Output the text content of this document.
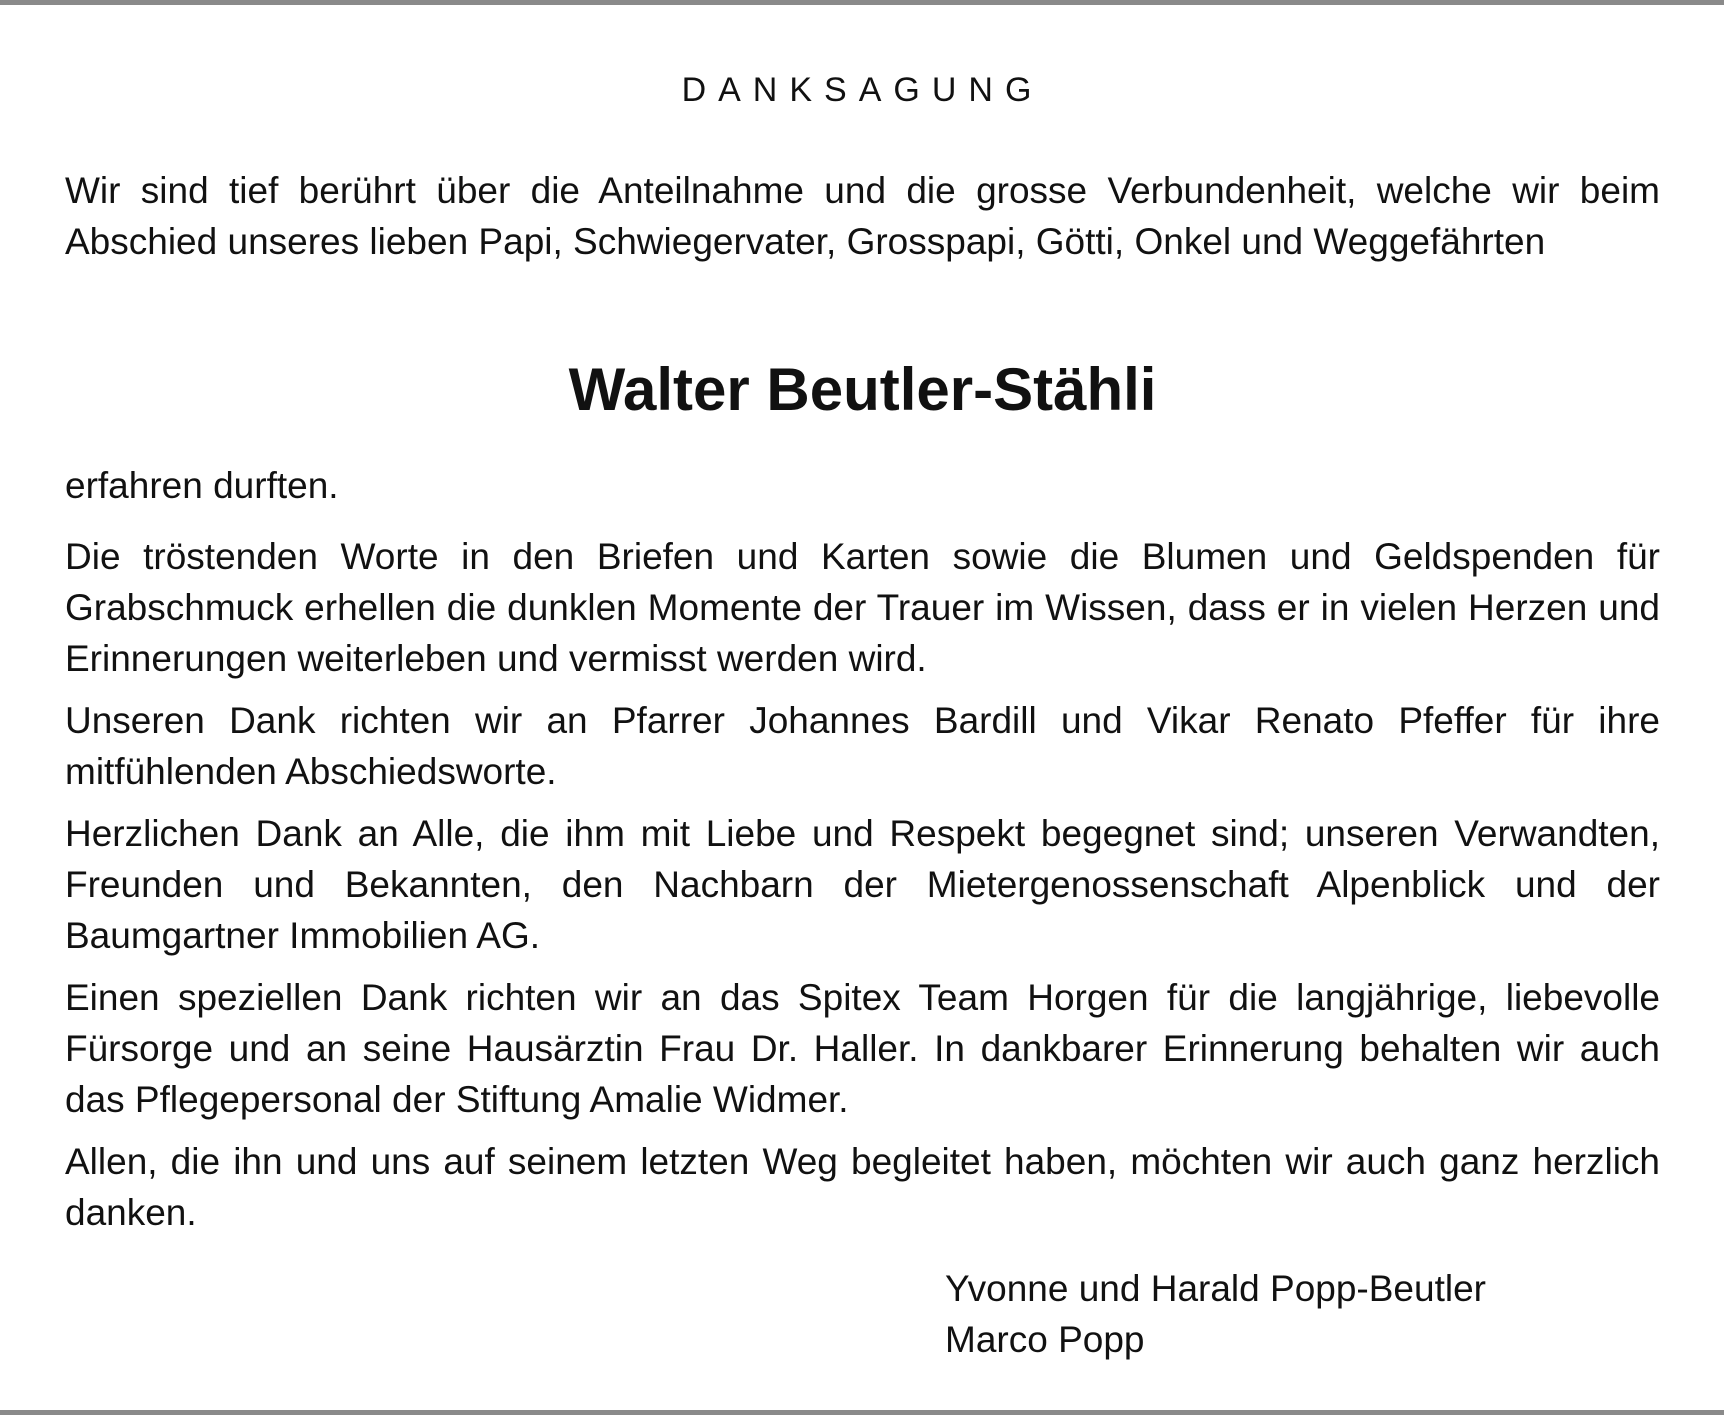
DANKSAGUNG

Wir sind tief berührt über die Anteilnahme und die grosse Verbundenheit, welche wir beim Abschied unseres lieben Papi, Schwiegervater, Grosspapi, Götti, Onkel und Weggefährten

Walter Beutler-Stähli

erfahren durften.

Die tröstenden Worte in den Briefen und Karten sowie die Blumen und Geldspenden für Grabschmuck erhellen die dunklen Momente der Trauer im Wissen, dass er in vielen Herzen und Erinnerungen weiterleben und vermisst werden wird.

Unseren Dank richten wir an Pfarrer Johannes Bardill und Vikar Renato Pfeffer für ihre mitfühlenden Abschiedsworte.

Herzlichen Dank an Alle, die ihm mit Liebe und Respekt begegnet sind; unseren Verwandten, Freunden und Bekannten, den Nachbarn der Mietergenossenschaft Alpenblick und der Baumgartner Immobilien AG.

Einen speziellen Dank richten wir an das Spitex Team Horgen für die langjährige, liebevolle Fürsorge und an seine Hausärztin Frau Dr. Haller. In dankbarer Erinnerung behalten wir auch das Pflegepersonal der Stiftung Amalie Widmer.

Allen, die ihn und uns auf seinem letzten Weg begleitet haben, möchten wir auch ganz herzlich danken.

Yvonne und Harald Popp-Beutler
Marco Popp
